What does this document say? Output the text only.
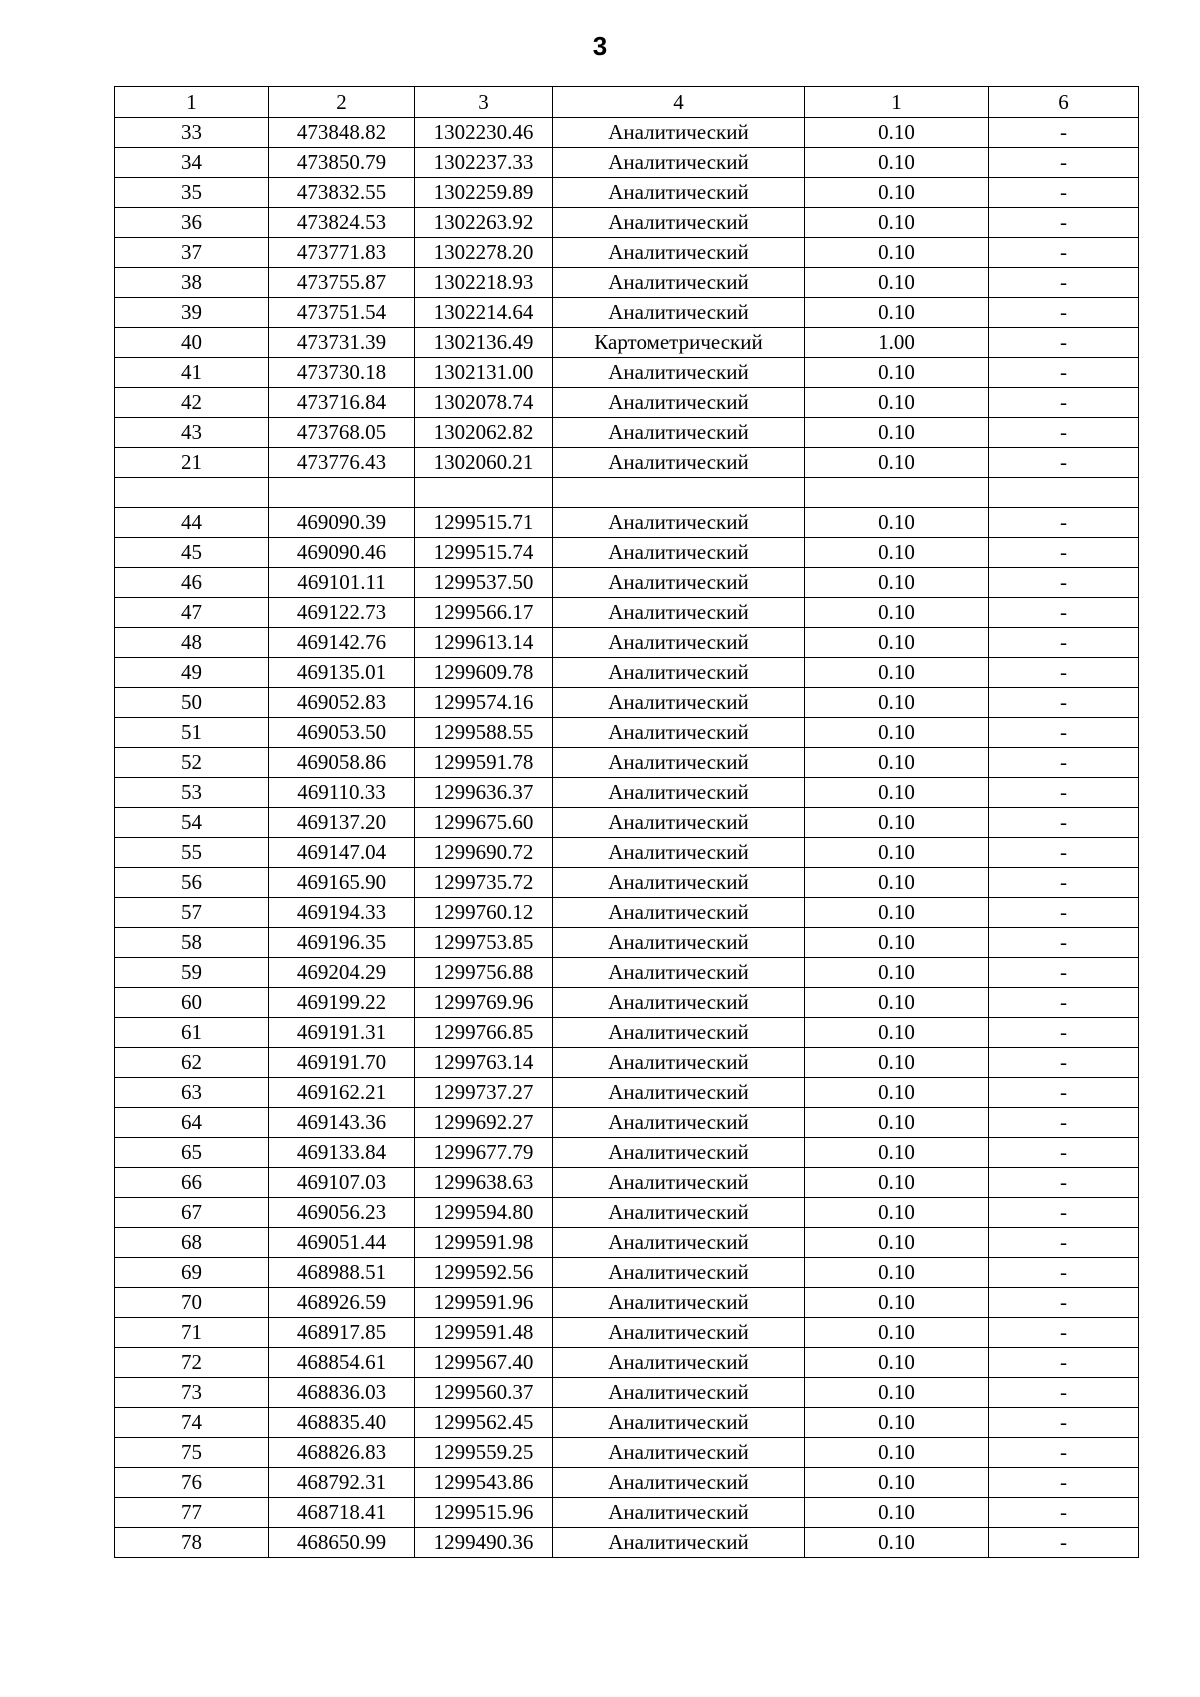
3
1	2	3	4	1	6
33	473848.82	1302230.46	Аналитический	0.10	-
34	473850.79	1302237.33	Аналитический	0.10	-
35	473832.55	1302259.89	Аналитический	0.10	-
36	473824.53	1302263.92	Аналитический	0.10	-
37	473771.83	1302278.20	Аналитический	0.10	-
38	473755.87	1302218.93	Аналитический	0.10	-
39	473751.54	1302214.64	Аналитический	0.10	-
40	473731.39	1302136.49	Картометрический	1.00	-
41	473730.18	1302131.00	Аналитический	0.10	-
42	473716.84	1302078.74	Аналитический	0.10	-
43	473768.05	1302062.82	Аналитический	0.10	-
21	473776.43	1302060.21	Аналитический	0.10	-

44	469090.39	1299515.71	Аналитический	0.10	-
45	469090.46	1299515.74	Аналитический	0.10	-
46	469101.11	1299537.50	Аналитический	0.10	-
47	469122.73	1299566.17	Аналитический	0.10	-
48	469142.76	1299613.14	Аналитический	0.10	-
49	469135.01	1299609.78	Аналитический	0.10	-
50	469052.83	1299574.16	Аналитический	0.10	-
51	469053.50	1299588.55	Аналитический	0.10	-
52	469058.86	1299591.78	Аналитический	0.10	-
53	469110.33	1299636.37	Аналитический	0.10	-
54	469137.20	1299675.60	Аналитический	0.10	-
55	469147.04	1299690.72	Аналитический	0.10	-
56	469165.90	1299735.72	Аналитический	0.10	-
57	469194.33	1299760.12	Аналитический	0.10	-
58	469196.35	1299753.85	Аналитический	0.10	-
59	469204.29	1299756.88	Аналитический	0.10	-
60	469199.22	1299769.96	Аналитический	0.10	-
61	469191.31	1299766.85	Аналитический	0.10	-
62	469191.70	1299763.14	Аналитический	0.10	-
63	469162.21	1299737.27	Аналитический	0.10	-
64	469143.36	1299692.27	Аналитический	0.10	-
65	469133.84	1299677.79	Аналитический	0.10	-
66	469107.03	1299638.63	Аналитический	0.10	-
67	469056.23	1299594.80	Аналитический	0.10	-
68	469051.44	1299591.98	Аналитический	0.10	-
69	468988.51	1299592.56	Аналитический	0.10	-
70	468926.59	1299591.96	Аналитический	0.10	-
71	468917.85	1299591.48	Аналитический	0.10	-
72	468854.61	1299567.40	Аналитический	0.10	-
73	468836.03	1299560.37	Аналитический	0.10	-
74	468835.40	1299562.45	Аналитический	0.10	-
75	468826.83	1299559.25	Аналитический	0.10	-
76	468792.31	1299543.86	Аналитический	0.10	-
77	468718.41	1299515.96	Аналитический	0.10	-
78	468650.99	1299490.36	Аналитический	0.10	-
